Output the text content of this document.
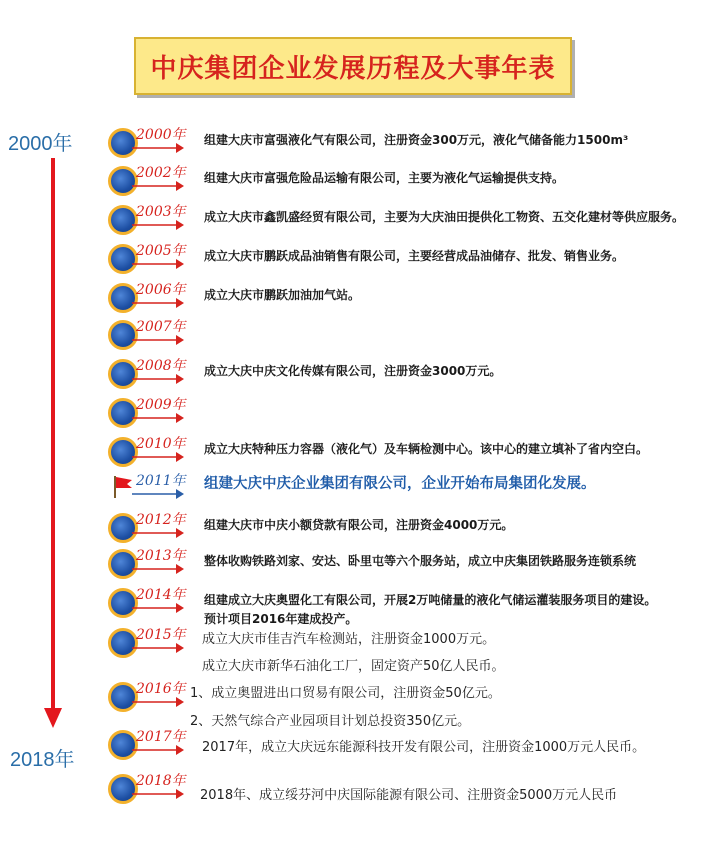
中庆集团企业发展历程及大事年表
2000年
2018年
2000年 组建大庆市富强液化气有限公司，注册资金300万元，液化气储备能力1500m³
2002年 组建大庆市富强危险品运输有限公司，主要为液化气运输提供支持。
2003年 成立大庆市鑫凯盛经贸有限公司，主要为大庆油田提供化工物资、五交化建材等供应服务。
2005年 成立大庆市鹏跃成品油销售有限公司，主要经营成品油储存、批发、销售业务。
2006年 成立大庆市鹏跃加油加气站。
2007年
2008年 成立大庆中庆文化传媒有限公司，注册资金3000万元。
2009年
2010年 成立大庆特种压力容器（液化气）及车辆检测中心。该中心的建立填补了省内空白。
2011年 组建大庆中庆企业集团有限公司，企业开始布局集团化发展。
2012年 组建大庆市中庆小额贷款有限公司，注册资金4000万元。
2013年 整体收购铁路刘家、安达、卧里屯等六个服务站，成立中庆集团铁路服务连锁系统
2014年 组建成立大庆奥盟化工有限公司，开展2万吨储量的液化气储运灌装服务项目的建设。
预计项目2016年建成投产。
2015年 成立大庆市佳吉汽车检测站，注册资金1000万元。
成立大庆市新华石油化工厂，固定资产50亿人民币。
2016年 1、成立奥盟进出口贸易有限公司，注册资金50亿元。
2、天然气综合产业园项目计划总投资350亿元。
2017年
2017年，成立大庆远东能源科技开发有限公司，注册资金1000万元人民币。
2018年
2018年、成立绥芬河中庆国际能源有限公司、注册资金5000万元人民币
